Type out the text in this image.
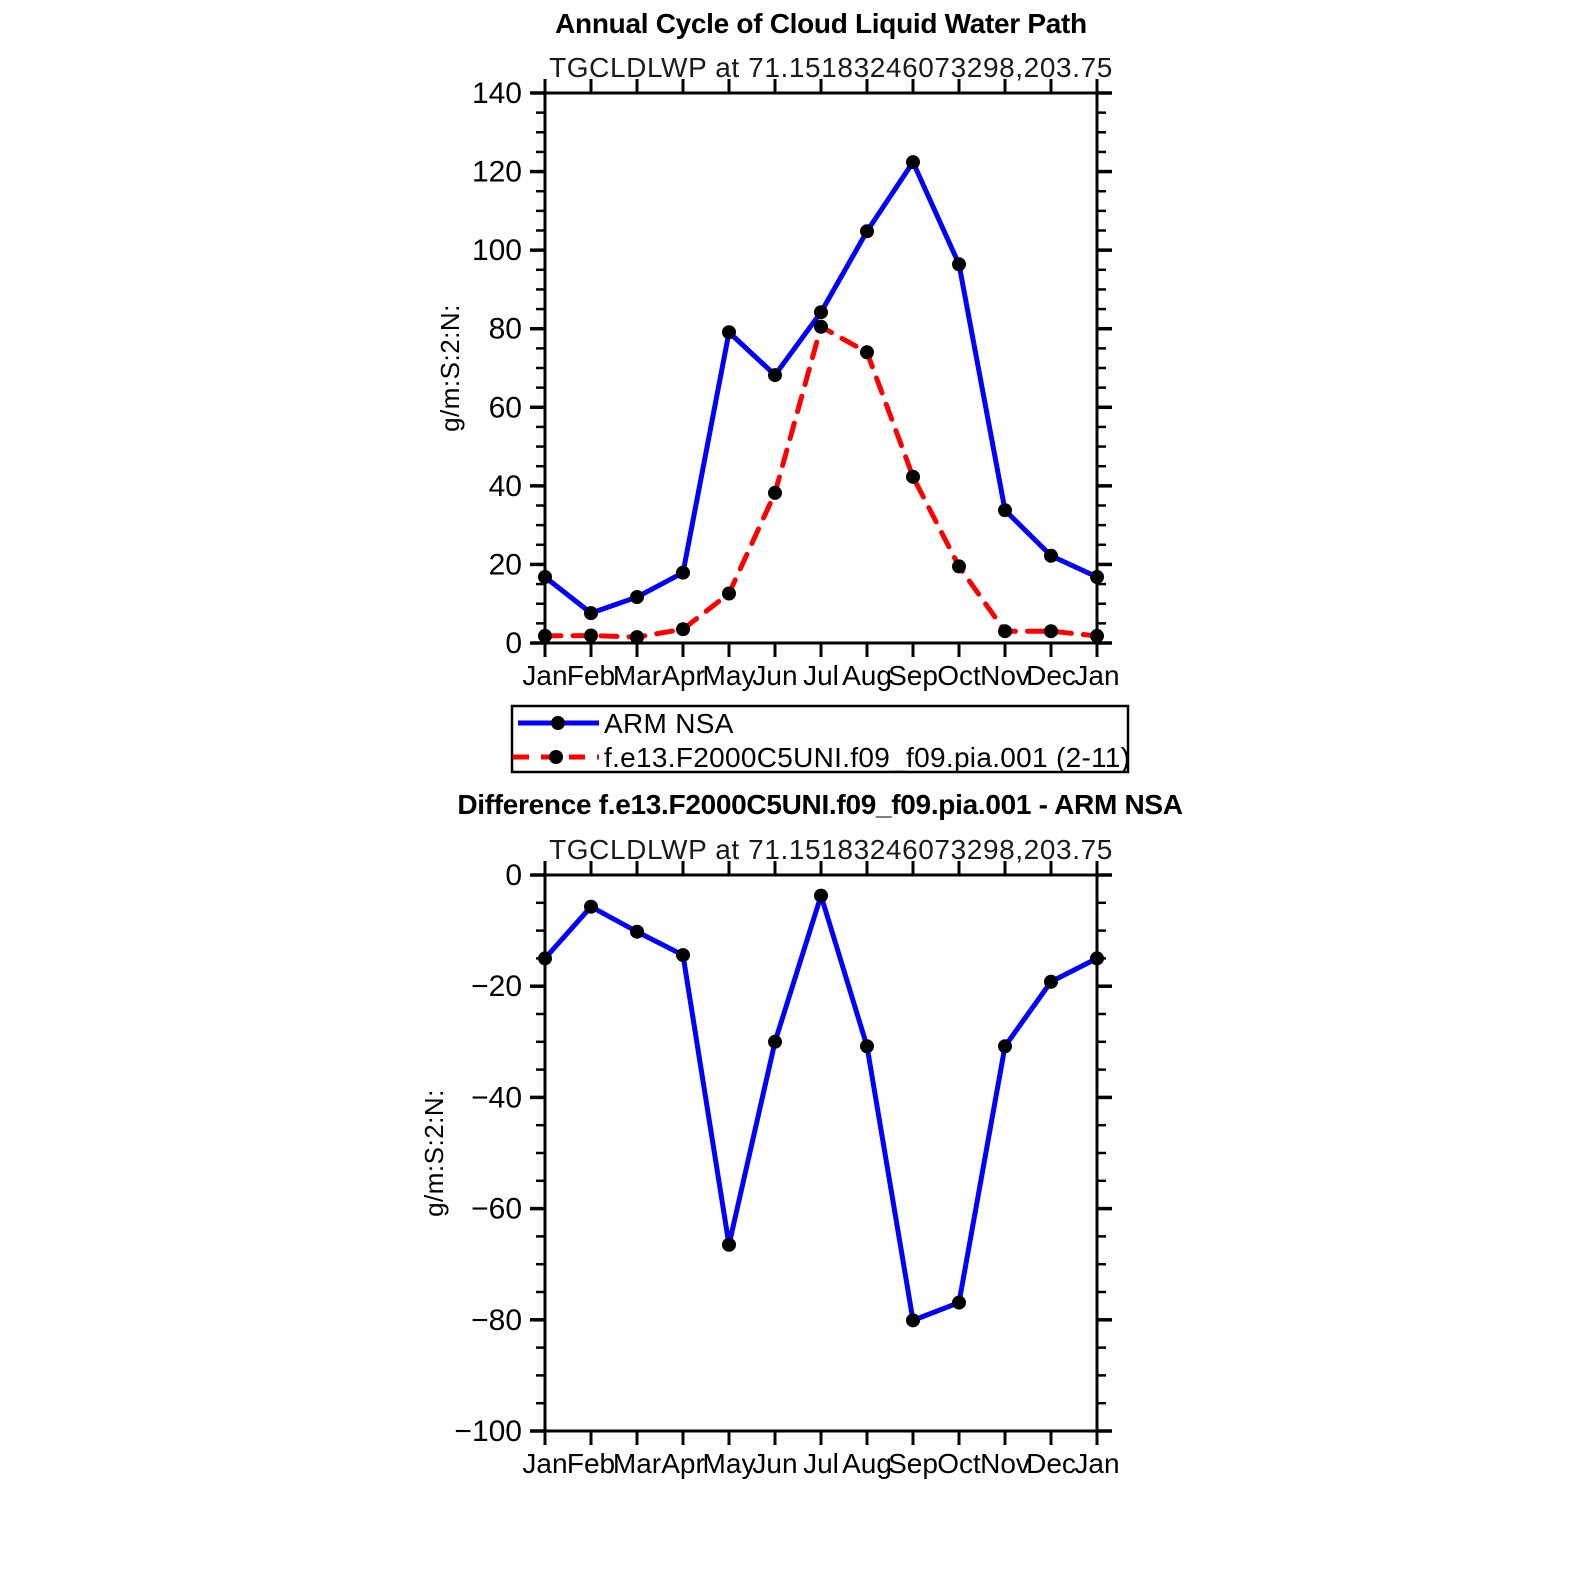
Annual Cycle of Cloud Liquid Water Path
TGCLDLWP at 71.15183246073298,203.75
g/m:S:2:N:
Jan Feb
Mar Apr
May
Jun Jul Aug
Sep Oct Nov
Dec
Jan
0
20
40
60
80
100
120
140
ARM NSA
f.e13.F2000C5UNI.f09_f09.pia.001 (2-11)
Difference f.e13.F2000C5UNI.f09_f09.pia.001 - ARM NSA
TGCLDLWP at 71.15183246073298,203.75
g/m:S:2:N:
Jan Feb
Mar Apr
May
Jun Jul Aug
Sep Oct Nov
Dec
Jan
−100
−80
−60
−40
−20
0
